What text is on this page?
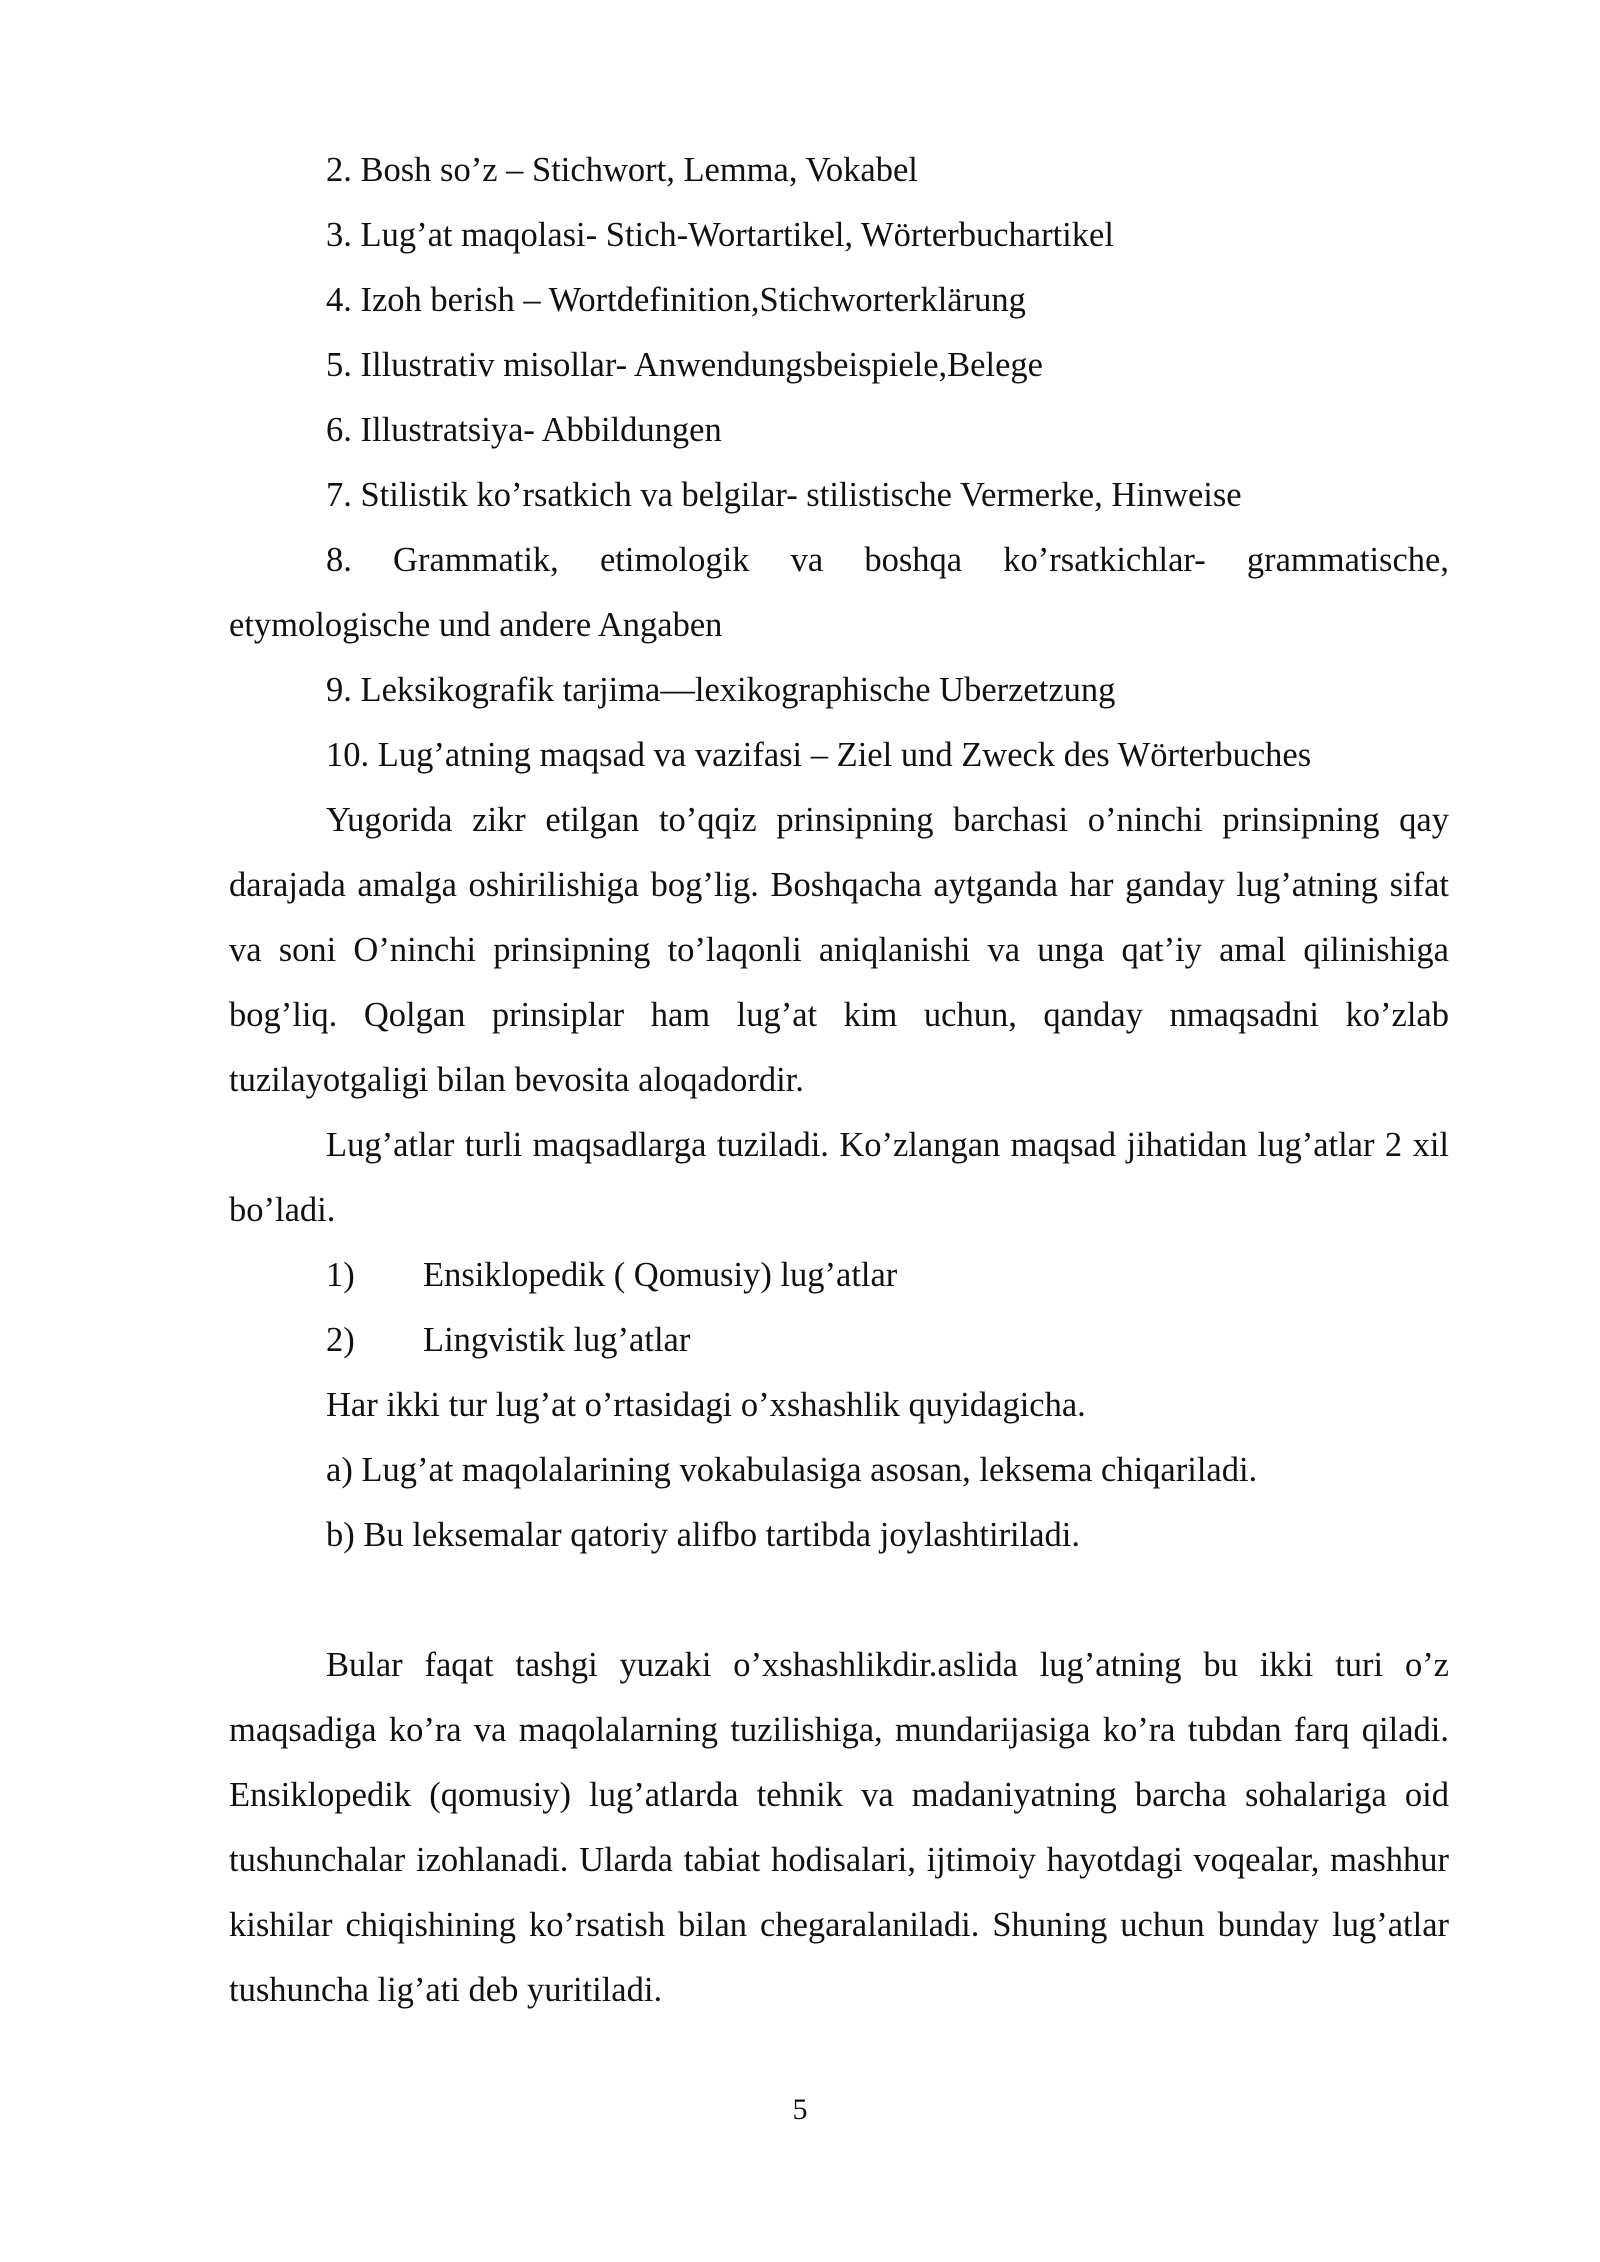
2. Bosh so’z – Stichwort, Lemma, Vokabel

3. Lug’at maqolasi- Stich-Wortartikel, Wörterbuchartikel

4. Izoh berish – Wortdefinition,Stichworterklärung

5. Illustrativ misollar- Anwendungsbeispiele,Belege

6. Illustratsiya- Abbildungen

7. Stilistik ko’rsatkich va belgilar- stilistische Vermerke, Hinweise

8. Grammatik, etimologik va boshqa ko’rsatkichlar- grammatische, etymologische und andere Angaben

9. Leksikografik tarjima—lexikographische Uberzetzung

10. Lug’atning maqsad va vazifasi – Ziel und Zweck des Wörterbuches

Yugorida zikr etilgan to’qqiz prinsipning barchasi o’ninchi prinsipning qay darajada amalga oshirilishiga bog’lig. Boshqacha aytganda har ganday lug’atning sifat va soni O’ninchi prinsipning to’laqonli aniqlanishi va unga qat’iy amal qilinishiga bog’liq. Qolgan prinsiplar ham lug’at kim uchun, qanday nmaqsadni ko’zlab tuzilayotgaligi bilan bevosita aloqadordir.

Lug’atlar turli maqsadlarga tuziladi. Ko’zlangan maqsad jihatidan lug’atlar 2 xil bo’ladi.

1) Ensiklopedik ( Qomusiy) lug’atlar
2) Lingvistik lug’atlar

Har ikki tur lug’at o’rtasidagi o’xshashlik quyidagicha.

a) Lug’at maqolalarining vokabulasiga asosan, leksema chiqariladi.

b) Bu leksemalar qatoriy alifbo tartibda joylashtiriladi.

Bular faqat tashgi yuzaki o’xshashlikdir.aslida lug’atning bu ikki turi o’z maqsadiga ko’ra va maqolalarning tuzilishiga, mundarijasiga ko’ra tubdan farq qiladi. Ensiklopedik (qomusiy) lug’atlarda tehnik va madaniyatning barcha sohalariga oid tushunchalar izohlanadi. Ularda tabiat hodisalari, ijtimoiy hayotdagi voqealar, mashhur kishilar chiqishining ko’rsatish bilan chegaralaniladi. Shuning uchun bunday lug’atlar tushuncha lig’ati deb yuritiladi.

5
